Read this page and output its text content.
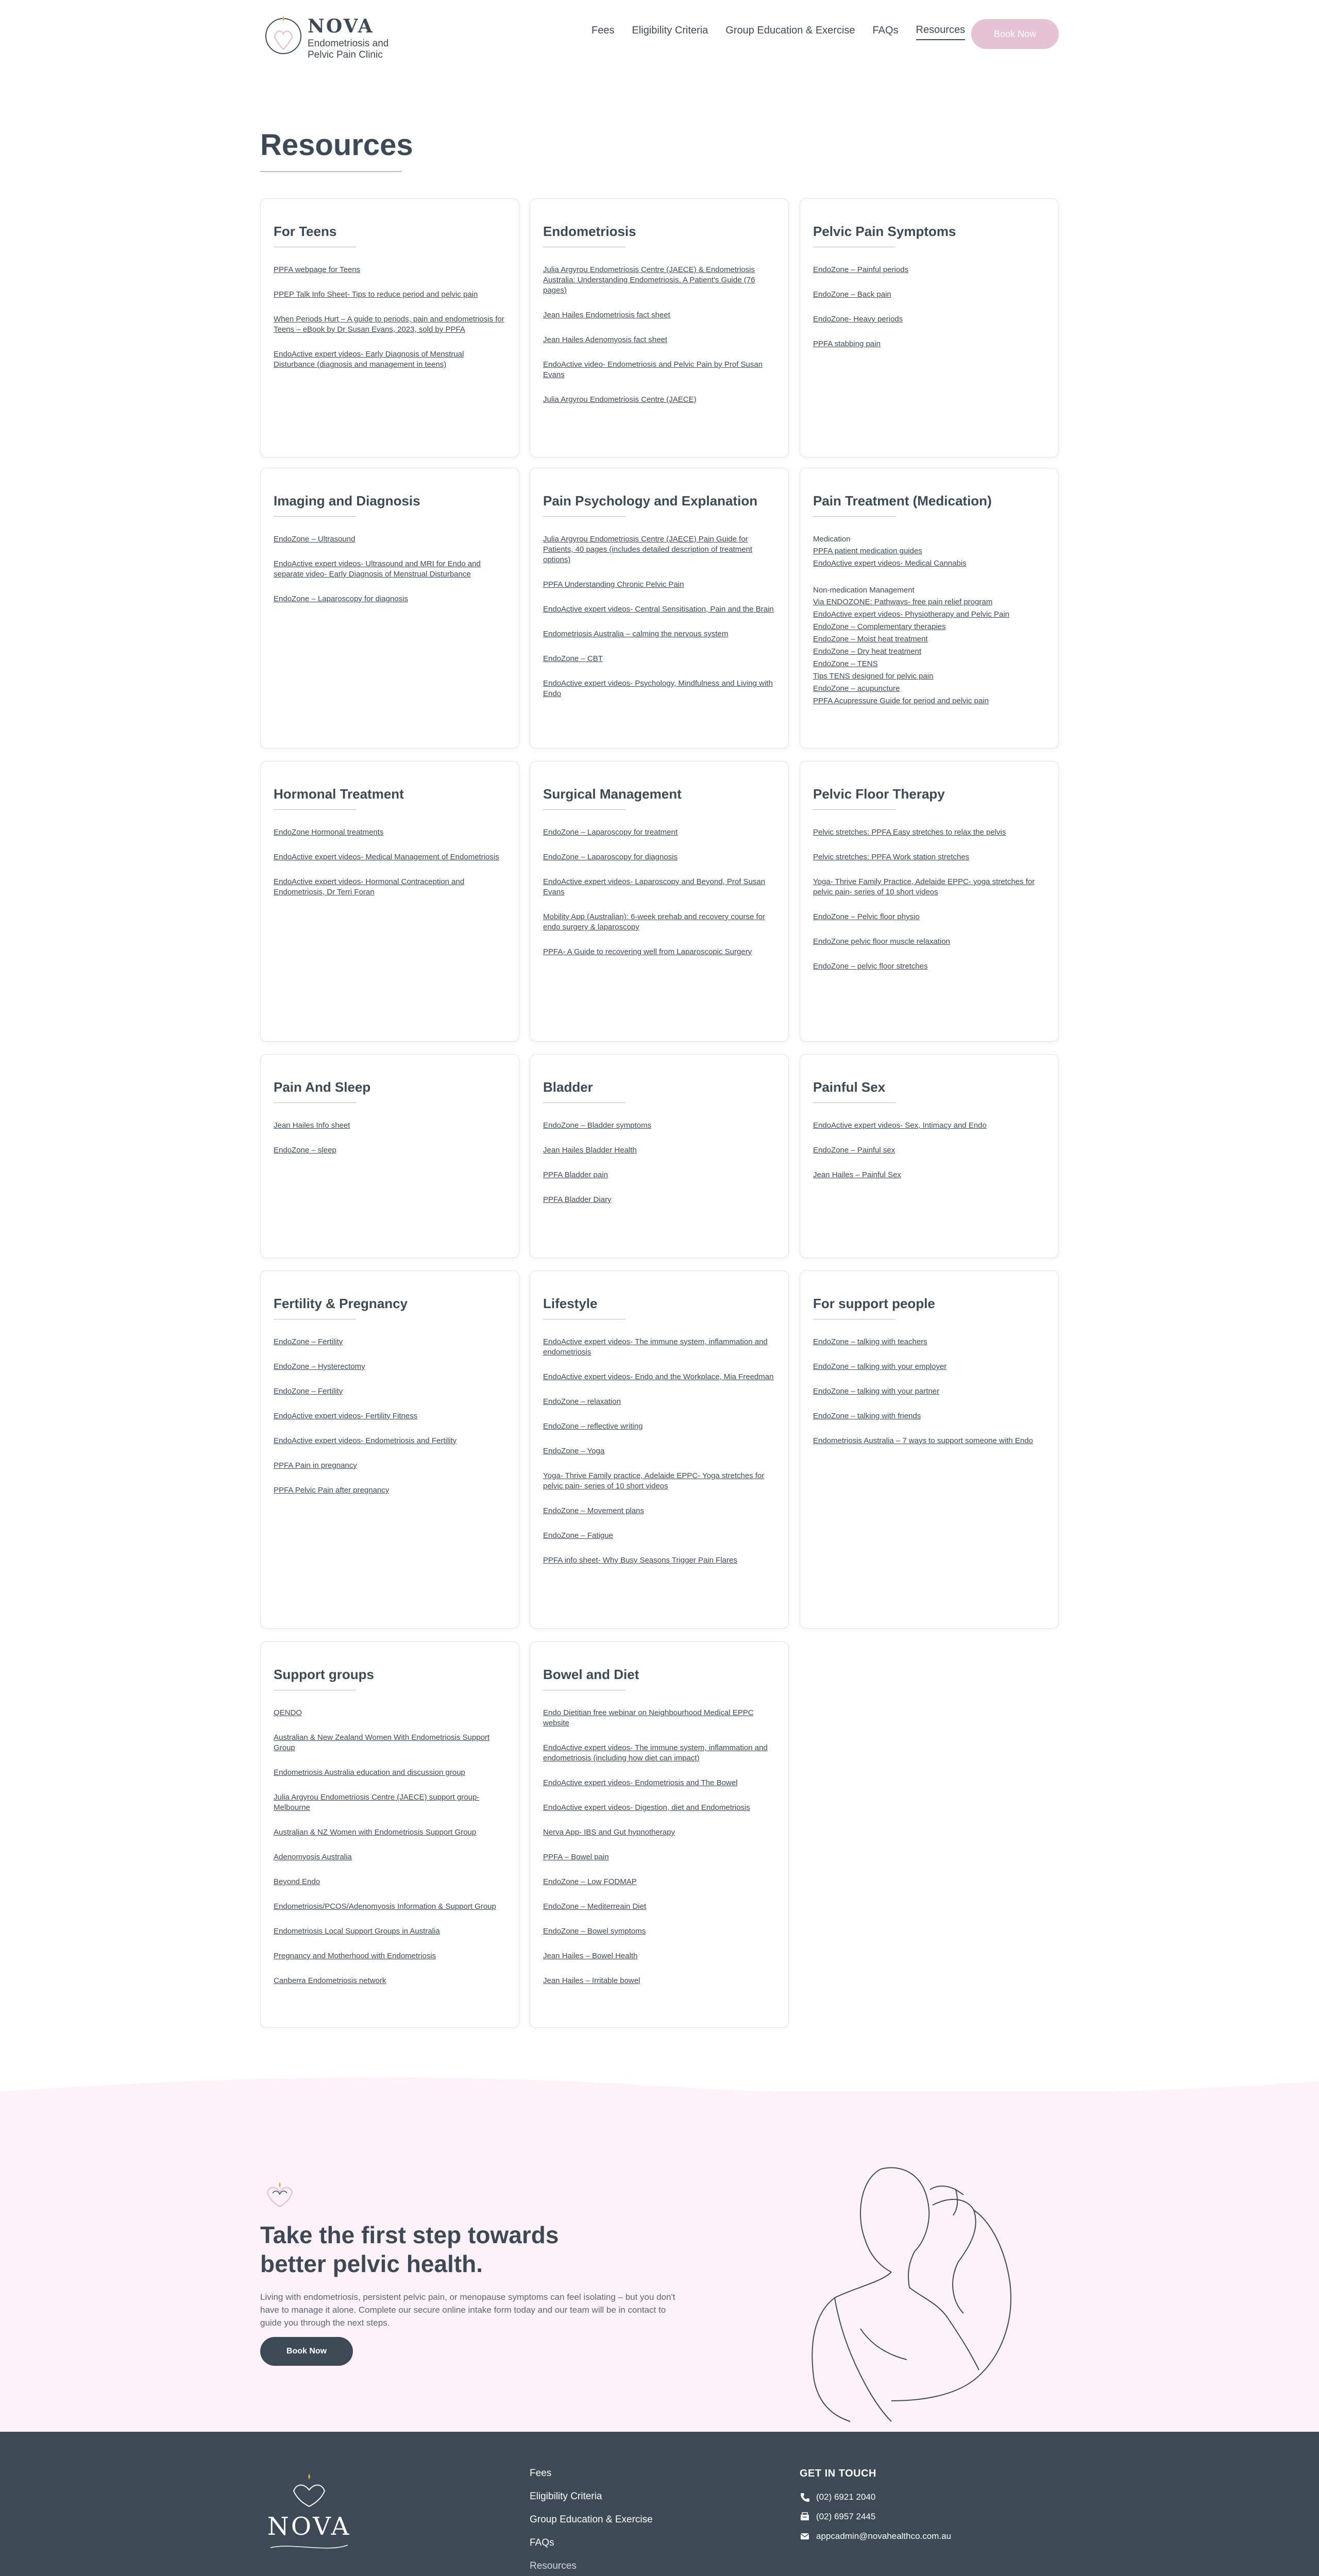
NOVA
Endometriosis and Pelvic Pain Clinic
Fees Eligibility Criteria Group Education & Exercise FAQs Resources	Book Now
Resources
For Teens
PPFA webpage for Teens
PPEP Talk Info Sheet- Tips to reduce period and pelvic pain
When Periods Hurt – A guide to periods, pain and endometriosis for Teens – eBook by Dr Susan Evans, 2023, sold by PPFA
EndoActive expert videos- Early Diagnosis of Menstrual Disturbance (diagnosis and management in teens)
Endometriosis
Julia Argyrou Endometriosis Centre (JAECE) & Endometriosis Australia: Understanding Endometriosis. A Patient's Guide (76 pages)
Jean Hailes Endometriosis fact sheet
Jean Hailes Adenomyosis fact sheet
EndoActive video- Endometriosis and Pelvic Pain by Prof Susan Evans
Julia Argyrou Endometriosis Centre (JAECE)
Pelvic Pain Symptoms
EndoZone – Painful periods
EndoZone – Back pain
EndoZone- Heavy periods
PPFA stabbing pain
Imaging and Diagnosis
EndoZone – Ultrasound
EndoActive expert videos- Ultrasound and MRI for Endo and separate video- Early Diagnosis of Menstrual Disturbance
EndoZone – Laparoscopy for diagnosis
Pain Psychology and Explanation
Julia Argyrou Endometriosis Centre (JAECE) Pain Guide for Patients, 40 pages (includes detailed description of treatment options)
PPFA Understanding Chronic Pelvic Pain
EndoActive expert videos- Central Sensitisation, Pain and the Brain
Endometriosis Australia – calming the nervous system
EndoZone – CBT
EndoActive expert videos- Psychology, Mindfulness and Living with Endo
Pain Treatment (Medication)
Medication
PPFA patient medication guides
EndoActive expert videos- Medical Cannabis
Non-medication Management
Via ENDOZONE: Pathways- free pain relief program
EndoActive expert videos- Physiotherapy and Pelvic Pain
EndoZone – Complementary therapies
EndoZone – Moist heat treatment
EndoZone – Dry heat treatment
EndoZone – TENS
Tips TENS designed for pelvic pain
EndoZone – acupuncture
PPFA Acupressure Guide for period and pelvic pain
Hormonal Treatment
EndoZone Hormonal treatments
EndoActive expert videos- Medical Management of Endometriosis
EndoActive expert videos- Hormonal Contraception and Endometriosis, Dr Terri Foran
Surgical Management
EndoZone – Laparoscopy for treatment
EndoZone – Laparoscopy for diagnosis
EndoActive expert videos- Laparoscopy and Beyond, Prof Susan Evans
Mobility App (Australian): 6-week prehab and recovery course for endo surgery & laparoscopy
PPFA- A Guide to recovering well from Laparoscopic Surgery
Pelvic Floor Therapy
Pelvic stretches: PPFA Easy stretches to relax the pelvis
Pelvic stretches: PPFA Work station stretches
Yoga- Thrive Family Practice, Adelaide EPPC- yoga stretches for pelvic pain- series of 10 short videos
EndoZone – Pelvic floor physio
EndoZone pelvic floor muscle relaxation
EndoZone – pelvic floor stretches
Pain And Sleep
Jean Hailes Info sheet
EndoZone – sleep
Bladder
EndoZone – Bladder symptoms
Jean Hailes Bladder Health
PPFA Bladder pain
PPFA Bladder Diary
Painful Sex
EndoActive expert videos- Sex, Intimacy and Endo
EndoZone – Painful sex
Jean Hailes – Painful Sex
Fertility & Pregnancy
EndoZone – Fertility
EndoZone – Hysterectomy
EndoZone – Fertility
EndoActive expert videos- Fertility Fitness
EndoActive expert videos- Endometriosis and Fertility
PPFA Pain in pregnancy
PPFA Pelvic Pain after pregnancy
Lifestyle
EndoActive expert videos- The immune system, inflammation and endometriosis
EndoActive expert videos- Endo and the Workplace, Mia Freedman
EndoZone – relaxation
EndoZone – reflective writing
EndoZone – Yoga
Yoga- Thrive Family practice, Adelaide EPPC- Yoga stretches for pelvic pain- series of 10 short videos
EndoZone – Movement plans
EndoZone – Fatigue
PPFA info sheet- Why Busy Seasons Trigger Pain Flares
For support people
EndoZone – talking with teachers
EndoZone – talking with your employer
EndoZone – talking with your partner
EndoZone – talking with friends
Endometriosis Australia – 7 ways to support someone with Endo
Support groups
QENDO
Australian & New Zealand Women With Endometriosis Support Group
Endometriosis Australia education and discussion group
Julia Argyrou Endometriosis Centre (JAECE) support group- Melbourne
Australian & NZ Women with Endometriosis Support Group
Adenomyosis Australia
Beyond Endo
Endometriosis/PCOS/Adenomyosis Information & Support Group
Endometriosis Local Support Groups in Australia
Pregnancy and Motherhood with Endometriosis
Canberra Endometriosis network
Bowel and Diet
Endo Dietitian free webinar on Neighbourhood Medical EPPC website
EndoActive expert videos- The immune system, inflammation and endometriosis (including how diet can impact)
EndoActive expert videos- Endometriosis and The Bowel
EndoActive expert videos- Digestion, diet and Endometriosis
Nerva App- IBS and Gut hypnotherapy
PPFA – Bowel pain
EndoZone – Low FODMAP
EndoZone – Mediterreain Diet
EndoZone – Bowel symptoms
Jean Hailes – Bowel Health
Jean Hailes – Irritable bowel
Take the first step towards better pelvic health.
Living with endometriosis, persistent pelvic pain, or menopause symptoms can feel isolating – but you don't have to manage it alone. Complete our secure online intake form today and our team will be in contact to guide you through the next steps.
Book Now
NOVA
Fees
Eligibility Criteria
Group Education & Exercise
FAQs
Resources
GET IN TOUCH
(02) 6921 2040
(02) 6957 2445
appcadmin@novahealthco.com.au
